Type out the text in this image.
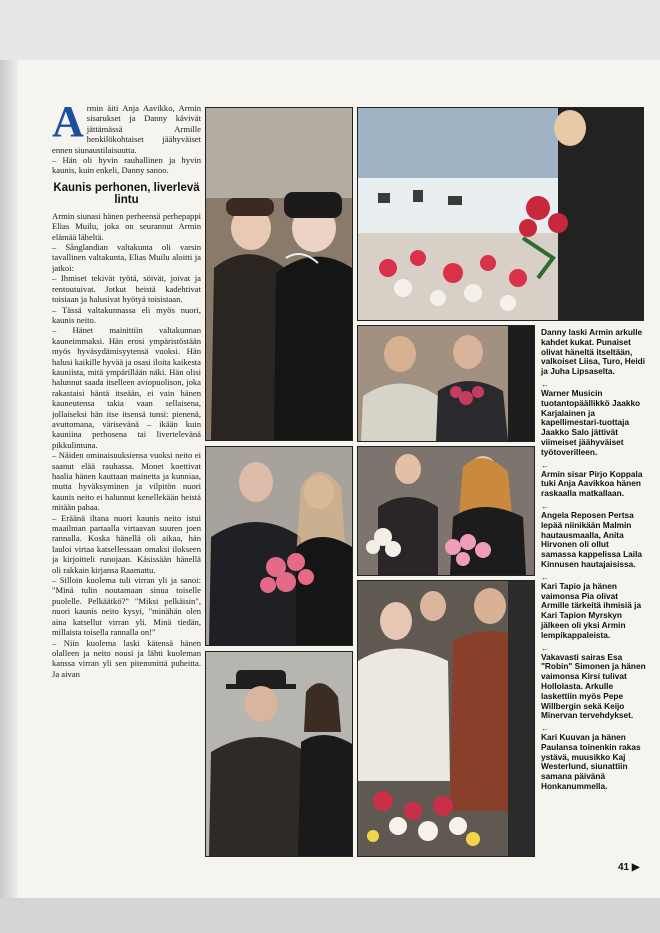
Armin äiti Anja Aavikko, Armin sisarukset ja Danny kävivät jättämässä Armille henkilökohtaiset jäähyväiset ennen siunaustilaisuutta.

– Hän oli hyvin rauhallinen ja hyvin kaunis, kuin enkeli, Danny sanoo.

Kaunis perhonen, liverlevä lintu

Armin siunasi hänen perheensä perhepappi Elias Muilu, joka on seurannut Armin elämää läheltä.

– Sånglandian valtakunta oli varsin tavallinen valtakunta, Elias Muilu aloitti ja jatkoi:

– Ihmiset tekivät työtä, söivät, joivat ja rentoutuivat. Jotkut heistä kadehtivat toisiaan ja halusivat hyötyä toisistaan.

– Tässä valtakunnassa eli myös nuori, kaunis neito.

– Hänet mainittiin valtakunnan kauneimmaksi. Hän erosi ympäristöstään myös hyväsydämisyytensä vuoksi. Hän halusi kaikille hyvää ja osasi iloita kaikesta kauniista, mitä ympärillään näki. Hän olisi halunnut saada itselleen aviopuolison, joka rakastaisi häntä itseään, ei vain hänen kauneutensa takia vaan sellaisena, jollaiseksi hän itse itsensä tunsi: pienenä, avuttomana, värisevänä – ikään kuin kauniina perhosena tai livertelevänä pikkulintuna.

– Näiden ominaisuuksiensa vuoksi neito ei saanut elää rauhassa. Monet koettivat haalia hänen kauttaan mainetta ja kunniaa, mutta hyväksyminen ja vilpitön nuori kaunis neito ei halunnut kenellekään heistä mitään pahaa.

– Eräänä iltana nuori kaunis neito istui maailman partaalla virtaavan suuren joen rannalla. Koska hänellä oli aikaa, hän lauloi virtaa katsellessaan omaksi ilokseen ja kirjoitteli runojaan. Käsissään hänellä oli rakkain kirjansa Raamattu.

– Silloin kuolema tuli virran yli ja sanoi: "Minä tulin noutamaan sinua toiselle puolelle. Pelkäätkö?" "Miksi pelkäisin", nuori kaunis neito kysyi, "minähän olen aina katsellut virran yli. Minä tiedän, millaista toisella rannalla on!"

– Niin kuolema laski kätensä hänen olalleen ja neito nousi ja lähti kuoleman kanssa virran yli sen pitemmittä puheitta. Ja aivan

Danny laski Armin arkulle kahdet kukat. Punaiset olivat häneltä itseltään, valkoiset Liisa, Turo, Heidi ja Juha Lipsaselta.
←
Warner Musicin tuotantopäällikkö Jaakko Karjalainen ja kapellimestari-tuottaja Jaakko Salo jättivät viimeiset jäähyväiset työtoverilleen.
←
Armin sisar Pirjo Koppala tuki Anja Aavikkoa hänen raskaalla matkallaan.
←
Angela Reposen Pertsa lepää niinikään Malmin hautausmaalla, Anita Hirvonen oli ollut samassa kappelissa Laila Kinnusen hautajaisissa.
←
Kari Tapio ja hänen vaimonsa Pia olivat Armille tärkeitä ihmisiä ja Kari Tapion Myrskyn jälkeen oli yksi Armin lempikappaleista.
←
Vakavasti sairas Esa "Robin" Simonen ja hänen vaimonsa Kirsi tulivat Hollolasta. Arkulle laskettiin myös Pepe Willbergin sekä Keijo Minervan tervehdykset.
←
Kari Kuuvan ja hänen Paulansa toinenkin rakas ystävä, muusikko Kaj Westerlund, siunattiin samana päivänä Honkanummella.
41 ▶
